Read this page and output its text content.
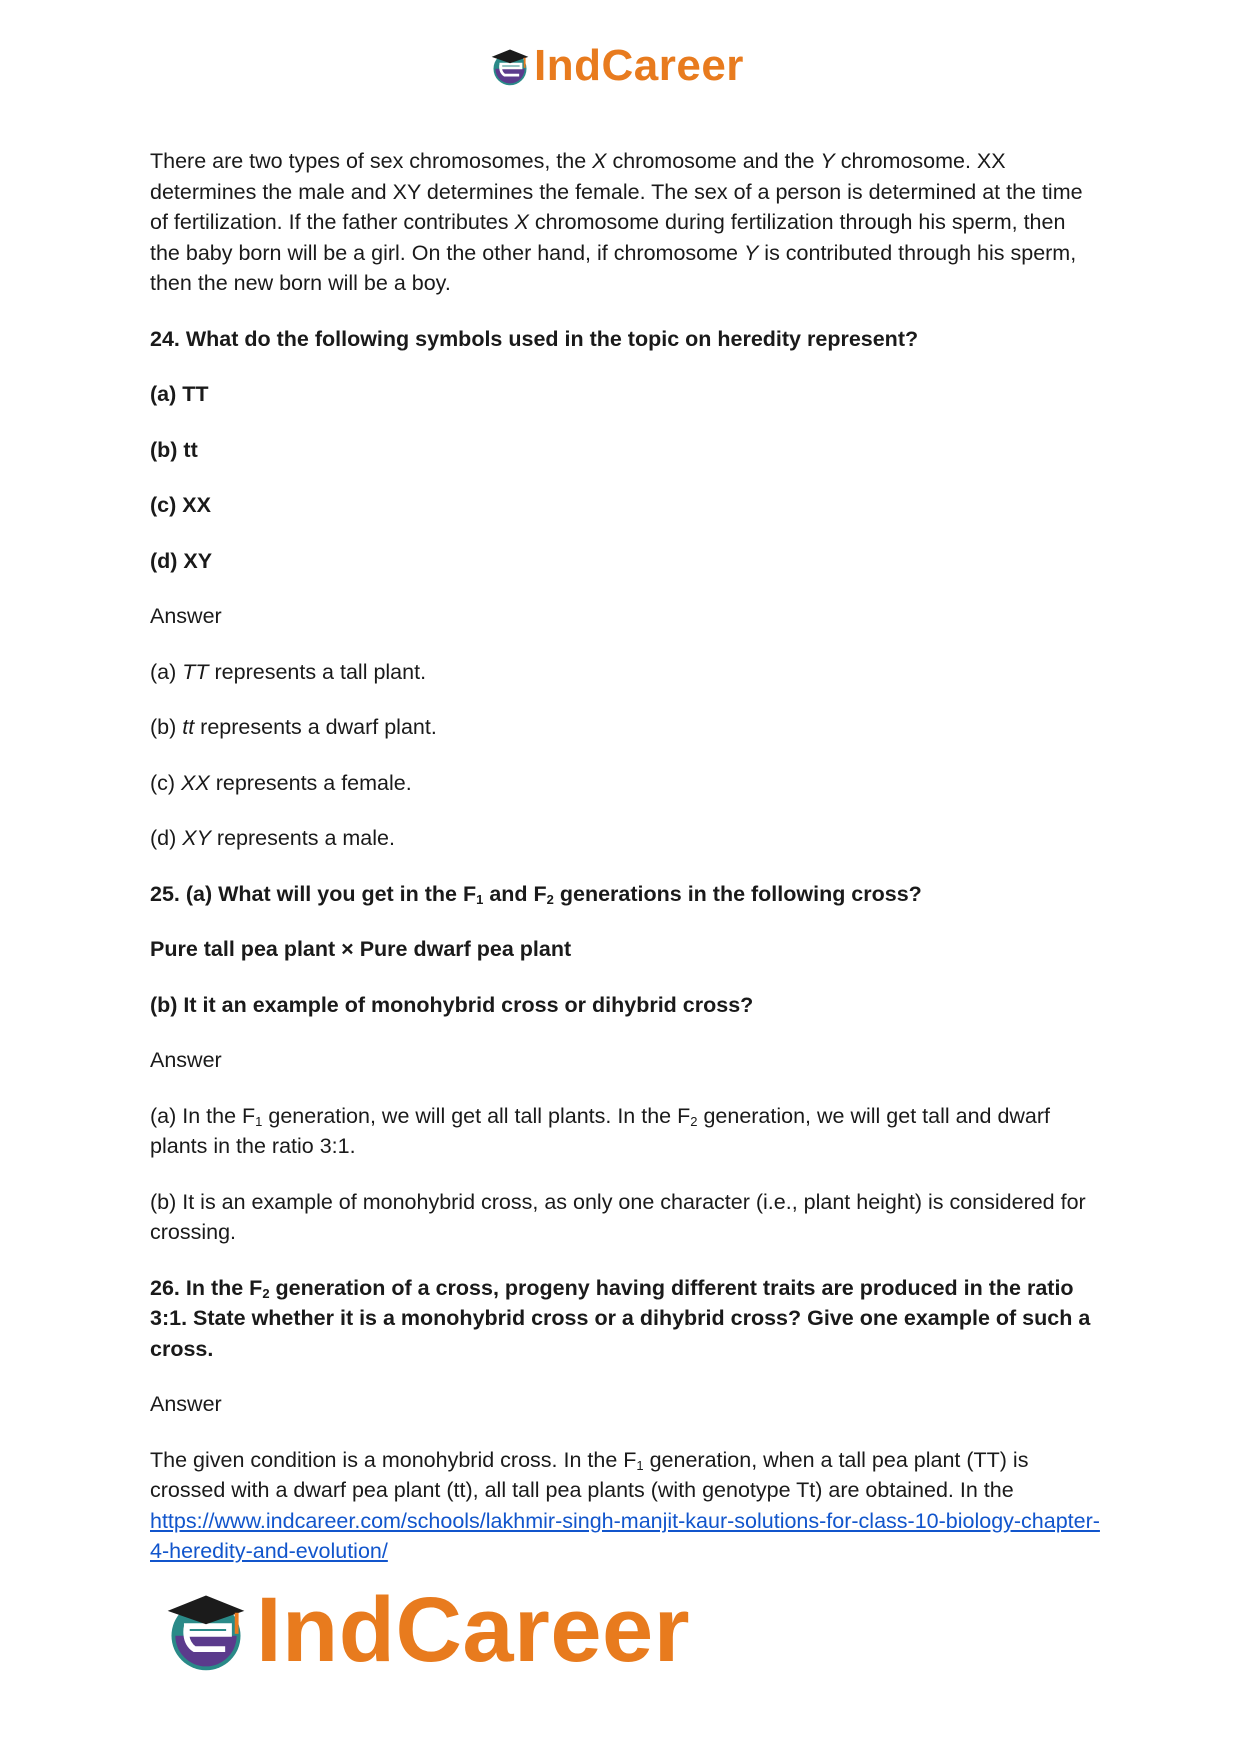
IndCareer

There are two types of sex chromosomes, the X chromosome and the Y chromosome. XX determines the male and XY determines the female. The sex of a person is determined at the time of fertilization. If the father contributes X chromosome during fertilization through his sperm, then the baby born will be a girl. On the other hand, if chromosome Y is contributed through his sperm, then the new born will be a boy.

24. What do the following symbols used in the topic on heredity represent?

(a) TT

(b) tt

(c) XX

(d) XY

Answer

(a) TT represents a tall plant.

(b) tt represents a dwarf plant.

(c) XX represents a female.

(d) XY represents a male.

25. (a) What will you get in the $F_1$ and $F_2$ generations in the following cross?

Pure tall pea plant × Pure dwarf pea plant

(b) It it an example of monohybrid cross or dihybrid cross?

Answer

(a) In the $F_1$ generation, we will get all tall plants. In the $F_2$ generation, we will get tall and dwarf plants in the ratio 3:1.

(b) It is an example of monohybrid cross, as only one character (i.e., plant height) is considered for crossing.

26. In the $F_2$ generation of a cross, progeny having different traits are produced in the ratio 3:1. State whether it is a monohybrid cross or a dihybrid cross? Give one example of such a cross.

Answer

The given condition is a monohybrid cross. In the $F_1$ generation, when a tall pea plant (TT) is crossed with a dwarf pea plant (tt), all tall pea plants (with genotype Tt) are obtained. In the
https://www.indcareer.com/schools/lakhmir-singh-manjit-kaur-solutions-for-class-10-biology-chapter-4-heredity-and-evolution/

IndCareer
